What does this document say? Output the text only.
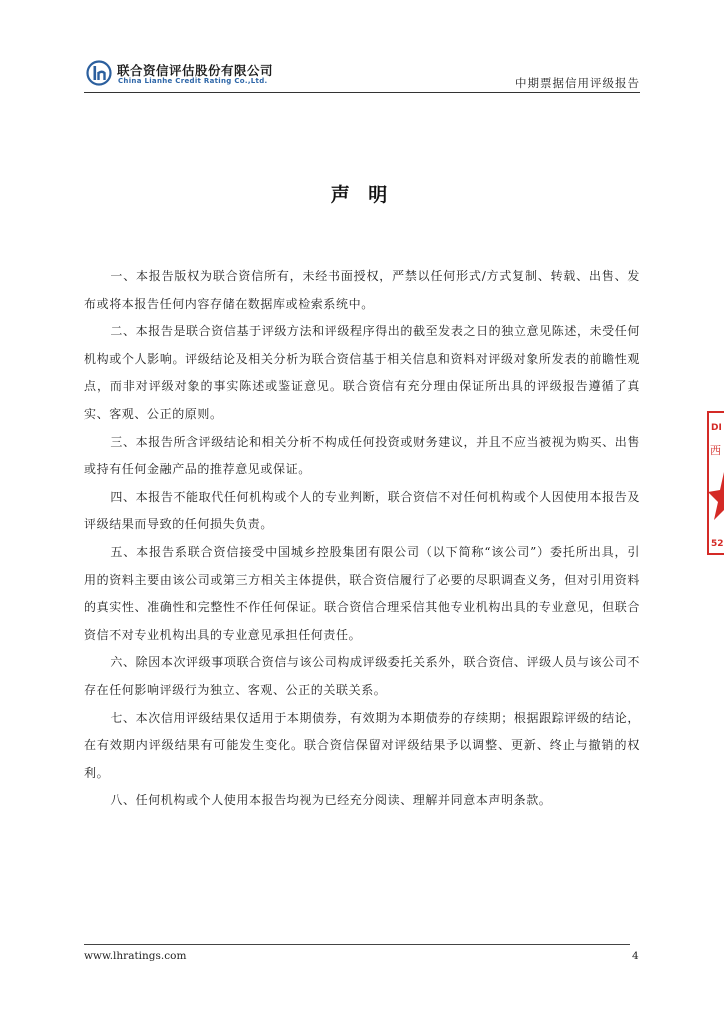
联合资信评估股份有限公司
China Lianhe Credit Rating Co.,Ltd.	中期票据信用评级报告
声 明

一、本报告版权为联合资信所有，未经书面授权，严禁以任何形式/方式复制、转载、出售、发布或将本报告任何内容存储在数据库或检索系统中。

二、本报告是联合资信基于评级方法和评级程序得出的截至发表之日的独立意见陈述，未受任何机构或个人影响。评级结论及相关分析为联合资信基于相关信息和资料对评级对象所发表的前瞻性观点，而非对评级对象的事实陈述或鉴证意见。联合资信有充分理由保证所出具的评级报告遵循了真实、客观、公正的原则。

三、本报告所含评级结论和相关分析不构成任何投资或财务建议，并且不应当被视为购买、出售或持有任何金融产品的推荐意见或保证。

四、本报告不能取代任何机构或个人的专业判断，联合资信不对任何机构或个人因使用本报告及评级结果而导致的任何损失负责。

五、本报告系联合资信接受中国城乡控股集团有限公司（以下简称“该公司”）委托所出具，引用的资料主要由该公司或第三方相关主体提供，联合资信履行了必要的尽职调查义务，但对引用资料的真实性、准确性和完整性不作任何保证。联合资信合理采信其他专业机构出具的专业意见，但联合资信不对专业机构出具的专业意见承担任何责任。

六、除因本次评级事项联合资信与该公司构成评级委托关系外，联合资信、评级人员与该公司不存在任何影响评级行为独立、客观、公正的关联关系。

七、本次信用评级结果仅适用于本期债券，有效期为本期债券的存续期；根据跟踪评级的结论，在有效期内评级结果有可能发生变化。联合资信保留对评级结果予以调整、更新、终止与撤销的权利。

八、任何机构或个人使用本报告均视为已经充分阅读、理解并同意本声明条款。

DI
西
52
www.lhratings.com	4
